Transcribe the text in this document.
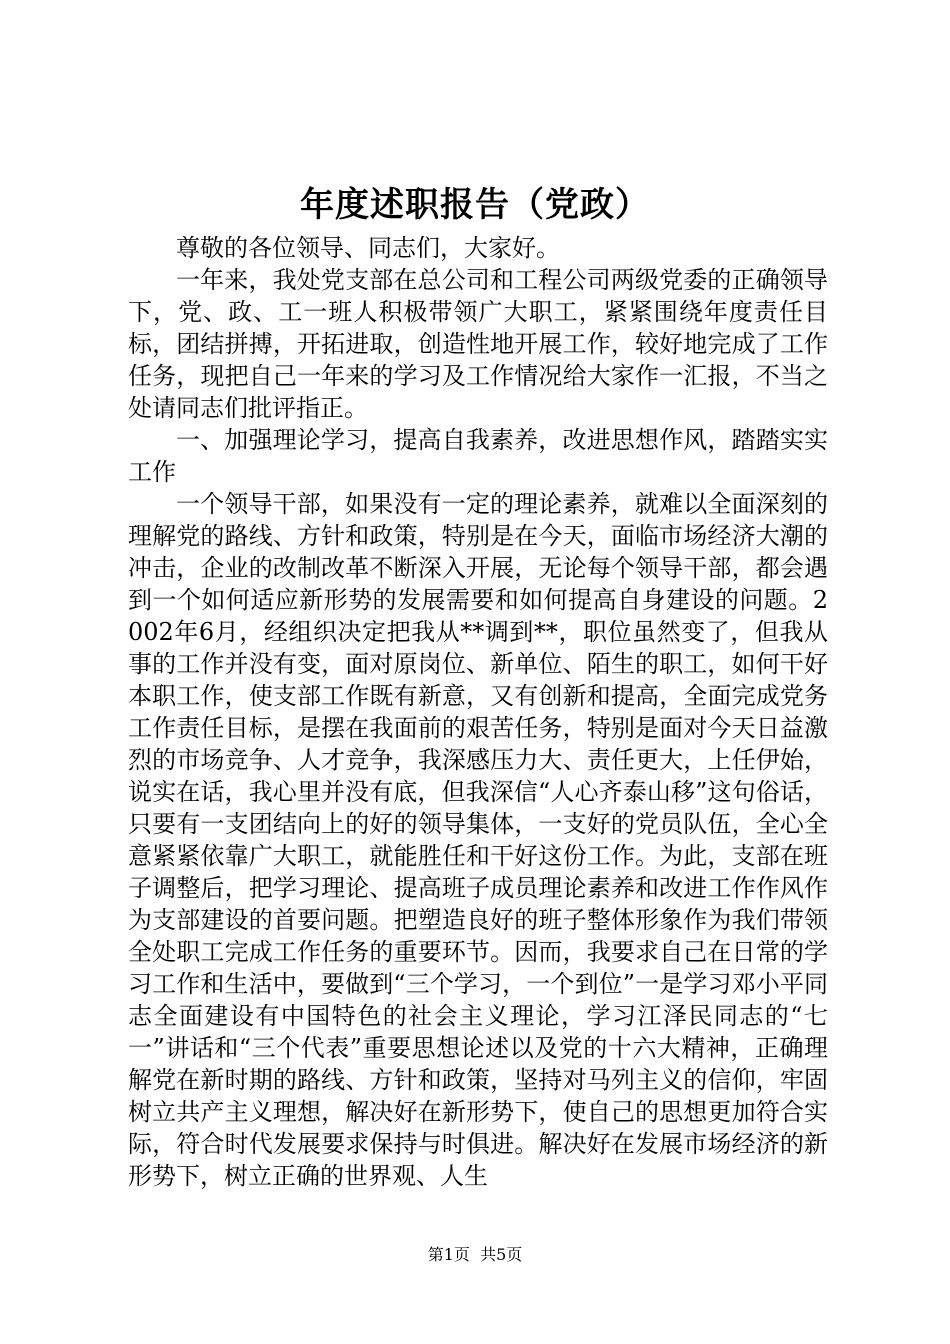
年度述职报告（党政）

尊敬的各位领导、同志们，大家好。

一年来，我处党支部在总公司和工程公司两级党委的正确领导下，党、政、工一班人积极带领广大职工，紧紧围绕年度责任目标，团结拼搏，开拓进取，创造性地开展工作，较好地完成了工作任务，现把自己一年来的学习及工作情况给大家作一汇报，不当之处请同志们批评指正。

一、加强理论学习，提高自我素养，改进思想作风，踏踏实实工作

一个领导干部，如果没有一定的理论素养，就难以全面深刻的理解党的路线、方针和政策，特别是在今天，面临市场经济大潮的冲击，企业的改制改革不断深入开展，无论每个领导干部，都会遇到一个如何适应新形势的发展需要和如何提高自身建设的问题。2002年6月，经组织决定把我从**调到**，职位虽然变了，但我从事的工作并没有变，面对原岗位、新单位、陌生的职工，如何干好本职工作，使支部工作既有新意，又有创新和提高，全面完成党务工作责任目标，是摆在我面前的艰苦任务，特别是面对今天日益激烈的市场竞争、人才竞争，我深感压力大、责任更大，上任伊始，说实在话，我心里并没有底，但我深信“人心齐泰山移”这句俗话，只要有一支团结向上的好的领导集体，一支好的党员队伍，全心全意紧紧依靠广大职工，就能胜任和干好这份工作。为此，支部在班子调整后，把学习理论、提高班子成员理论素养和改进工作作风作为支部建设的首要问题。把塑造良好的班子整体形象作为我们带领全处职工完成工作任务的重要环节。因而，我要求自己在日常的学习工作和生活中，要做到“三个学习，一个到位”一是学习邓小平同志全面建设有中国特色的社会主义理论，学习江泽民同志的“七一”讲话和“三个代表”重要思想论述以及党的十六大精神，正确理解党在新时期的路线、方针和政策，坚持对马列主义的信仰，牢固树立共产主义理想，解决好在新形势下，使自己的思想更加符合实际，符合时代发展要求保持与时俱进。解决好在发展市场经济的新形势下，树立正确的世界观、人生

第1页 共5页
